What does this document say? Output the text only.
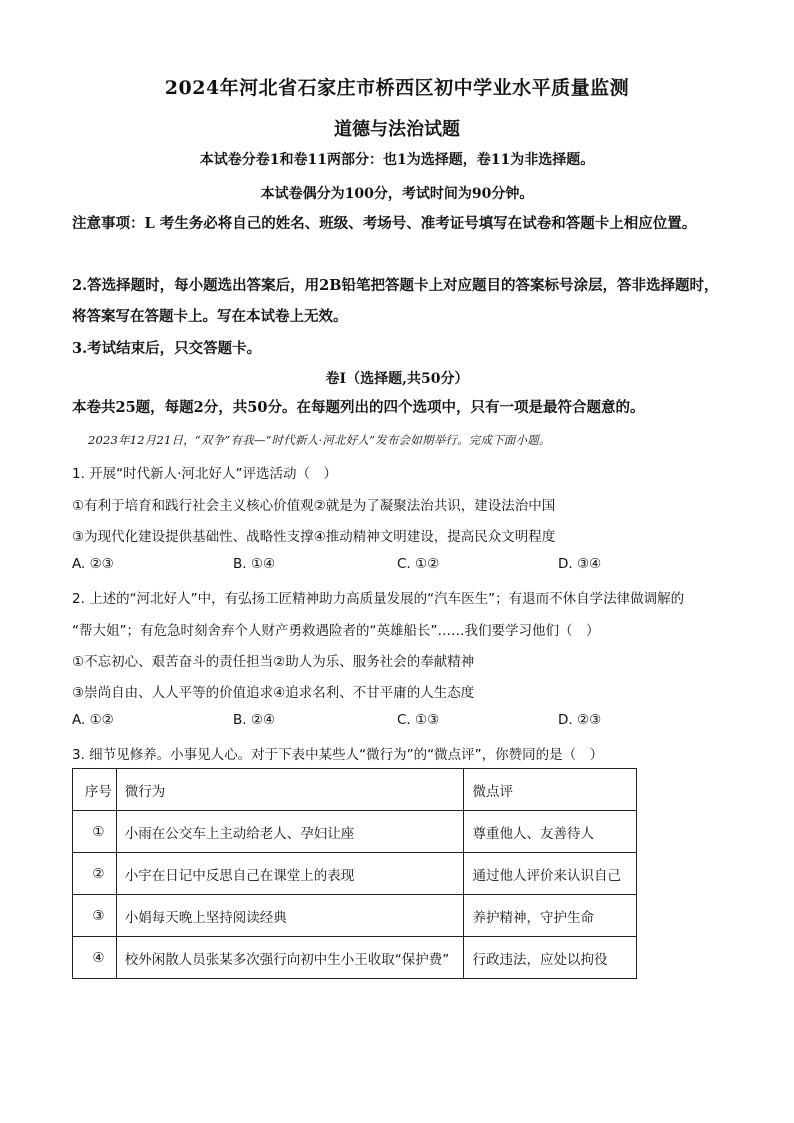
2024年河北省石家庄市桥西区初中学业水平质量监测
道德与法治试题
本试卷分卷1和卷11两部分：也1为选择题，卷11为非选择题。
本试卷偶分为100分，考试时间为90分钟。
注意事项：L 考生务必将自己的姓名、班级、考场号、准考证号填写在试卷和答题卡上相应位置。
2.答选择题时，每小题选出答案后，用2B铅笔把答题卡上对应题目的答案标号涂层，答非选择题时，将答案写在答题卡上。写在本试卷上无效。
3.考试结束后，只交答题卡。
卷Ⅰ（选择题,共50分）
本卷共25题，每题2分，共50分。在每题列出的四个选项中，只有一项是最符合题意的。
2023年12月21日，“双争”有我—“时代新人·河北好人”发布会如期举行。完成下面小题。
1. 开展“时代新人·河北好人”评选活动（　）
①有利于培育和践行社会主义核心价值观②就是为了凝聚法治共识，建设法治中国
③为现代化建设提供基础性、战略性支撑④推动精神文明建设，提高民众文明程度
A. ②③	B. ①④	C. ①②	D. ③④
2. 上述的“河北好人”中，有弘扬工匠精神助力高质量发展的“汽车医生”；有退而不休自学法律做调解的
“帮大姐”；有危急时刻舍弃个人财产勇救遇险者的“英雄船长”……我们要学习他们（　）
①不忘初心、艰苦奋斗的责任担当②助人为乐、服务社会的奉献精神
③崇尚自由、人人平等的价值追求④追求名利、不甘平庸的人生态度
A. ①②	B. ②④	C. ①③	D. ②③
3. 细节见修养。小事见人心。对于下表中某些人“微行为”的“微点评”，你赞同的是（　）
序号	微行为	微点评
①	小雨在公交车上主动给老人、孕妇让座	尊重他人、友善待人
②	小宇在日记中反思自己在课堂上的表现	通过他人评价来认识自己
③	小娟每天晚上坚持阅读经典	养护精神，守护生命
④	校外闲散人员张某多次强行向初中生小王收取“保护费”	行政违法，应处以拘役
